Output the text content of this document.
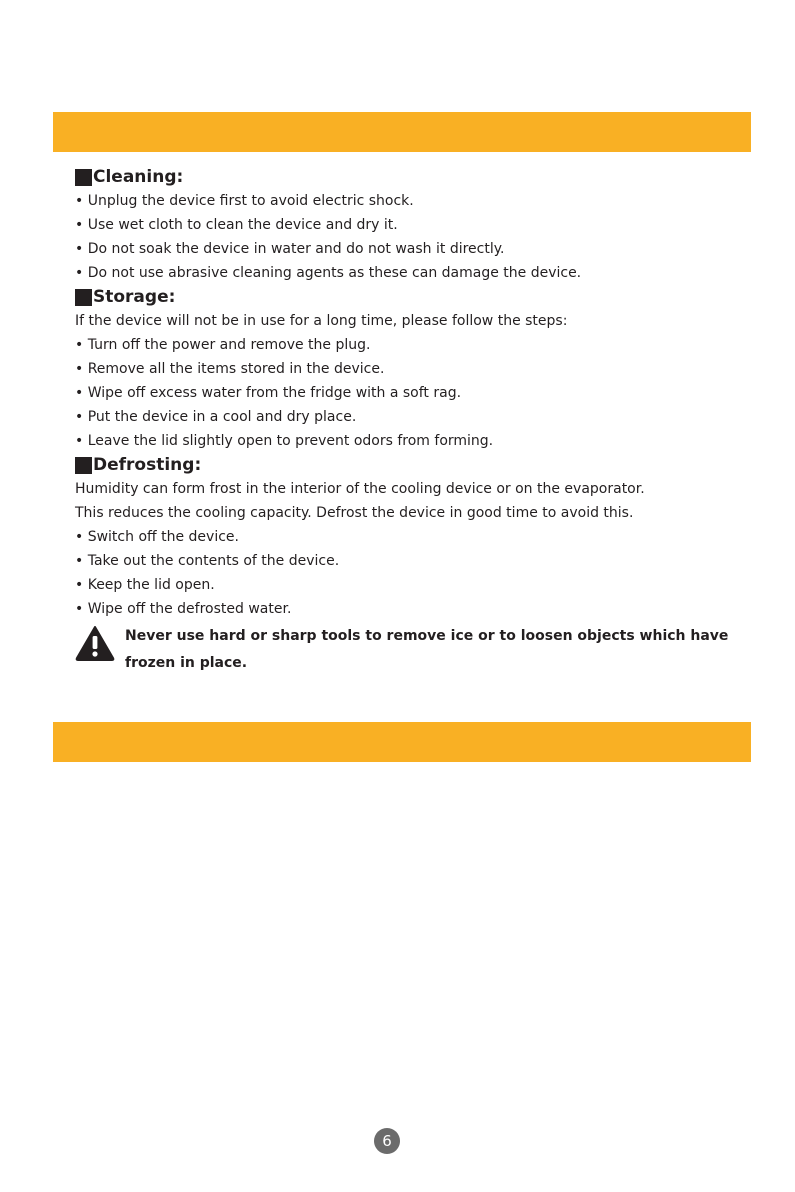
Cleaning:
• Unplug the device first to avoid electric shock.
• Use wet cloth to clean the device and dry it.
• Do not soak the device in water and do not wash it directly.
• Do not use abrasive cleaning agents as these can damage the device.
Storage:
If the device will not be in use for a long time, please follow the steps:
• Turn off the power and remove the plug.
• Remove all the items stored in the device.
• Wipe off excess water from the fridge with a soft rag.
• Put the device in a cool and dry place.
• Leave the lid slightly open to prevent odors from forming.
Defrosting:
Humidity can form frost in the interior of the cooling device or on the evaporator.
This reduces the cooling capacity. Defrost the device in good time to avoid this.
• Switch off the device.
• Take out the contents of the device.
• Keep the lid open.
• Wipe off the defrosted water.
Never use hard or sharp tools to remove ice or to loosen objects which have frozen in place.
6
